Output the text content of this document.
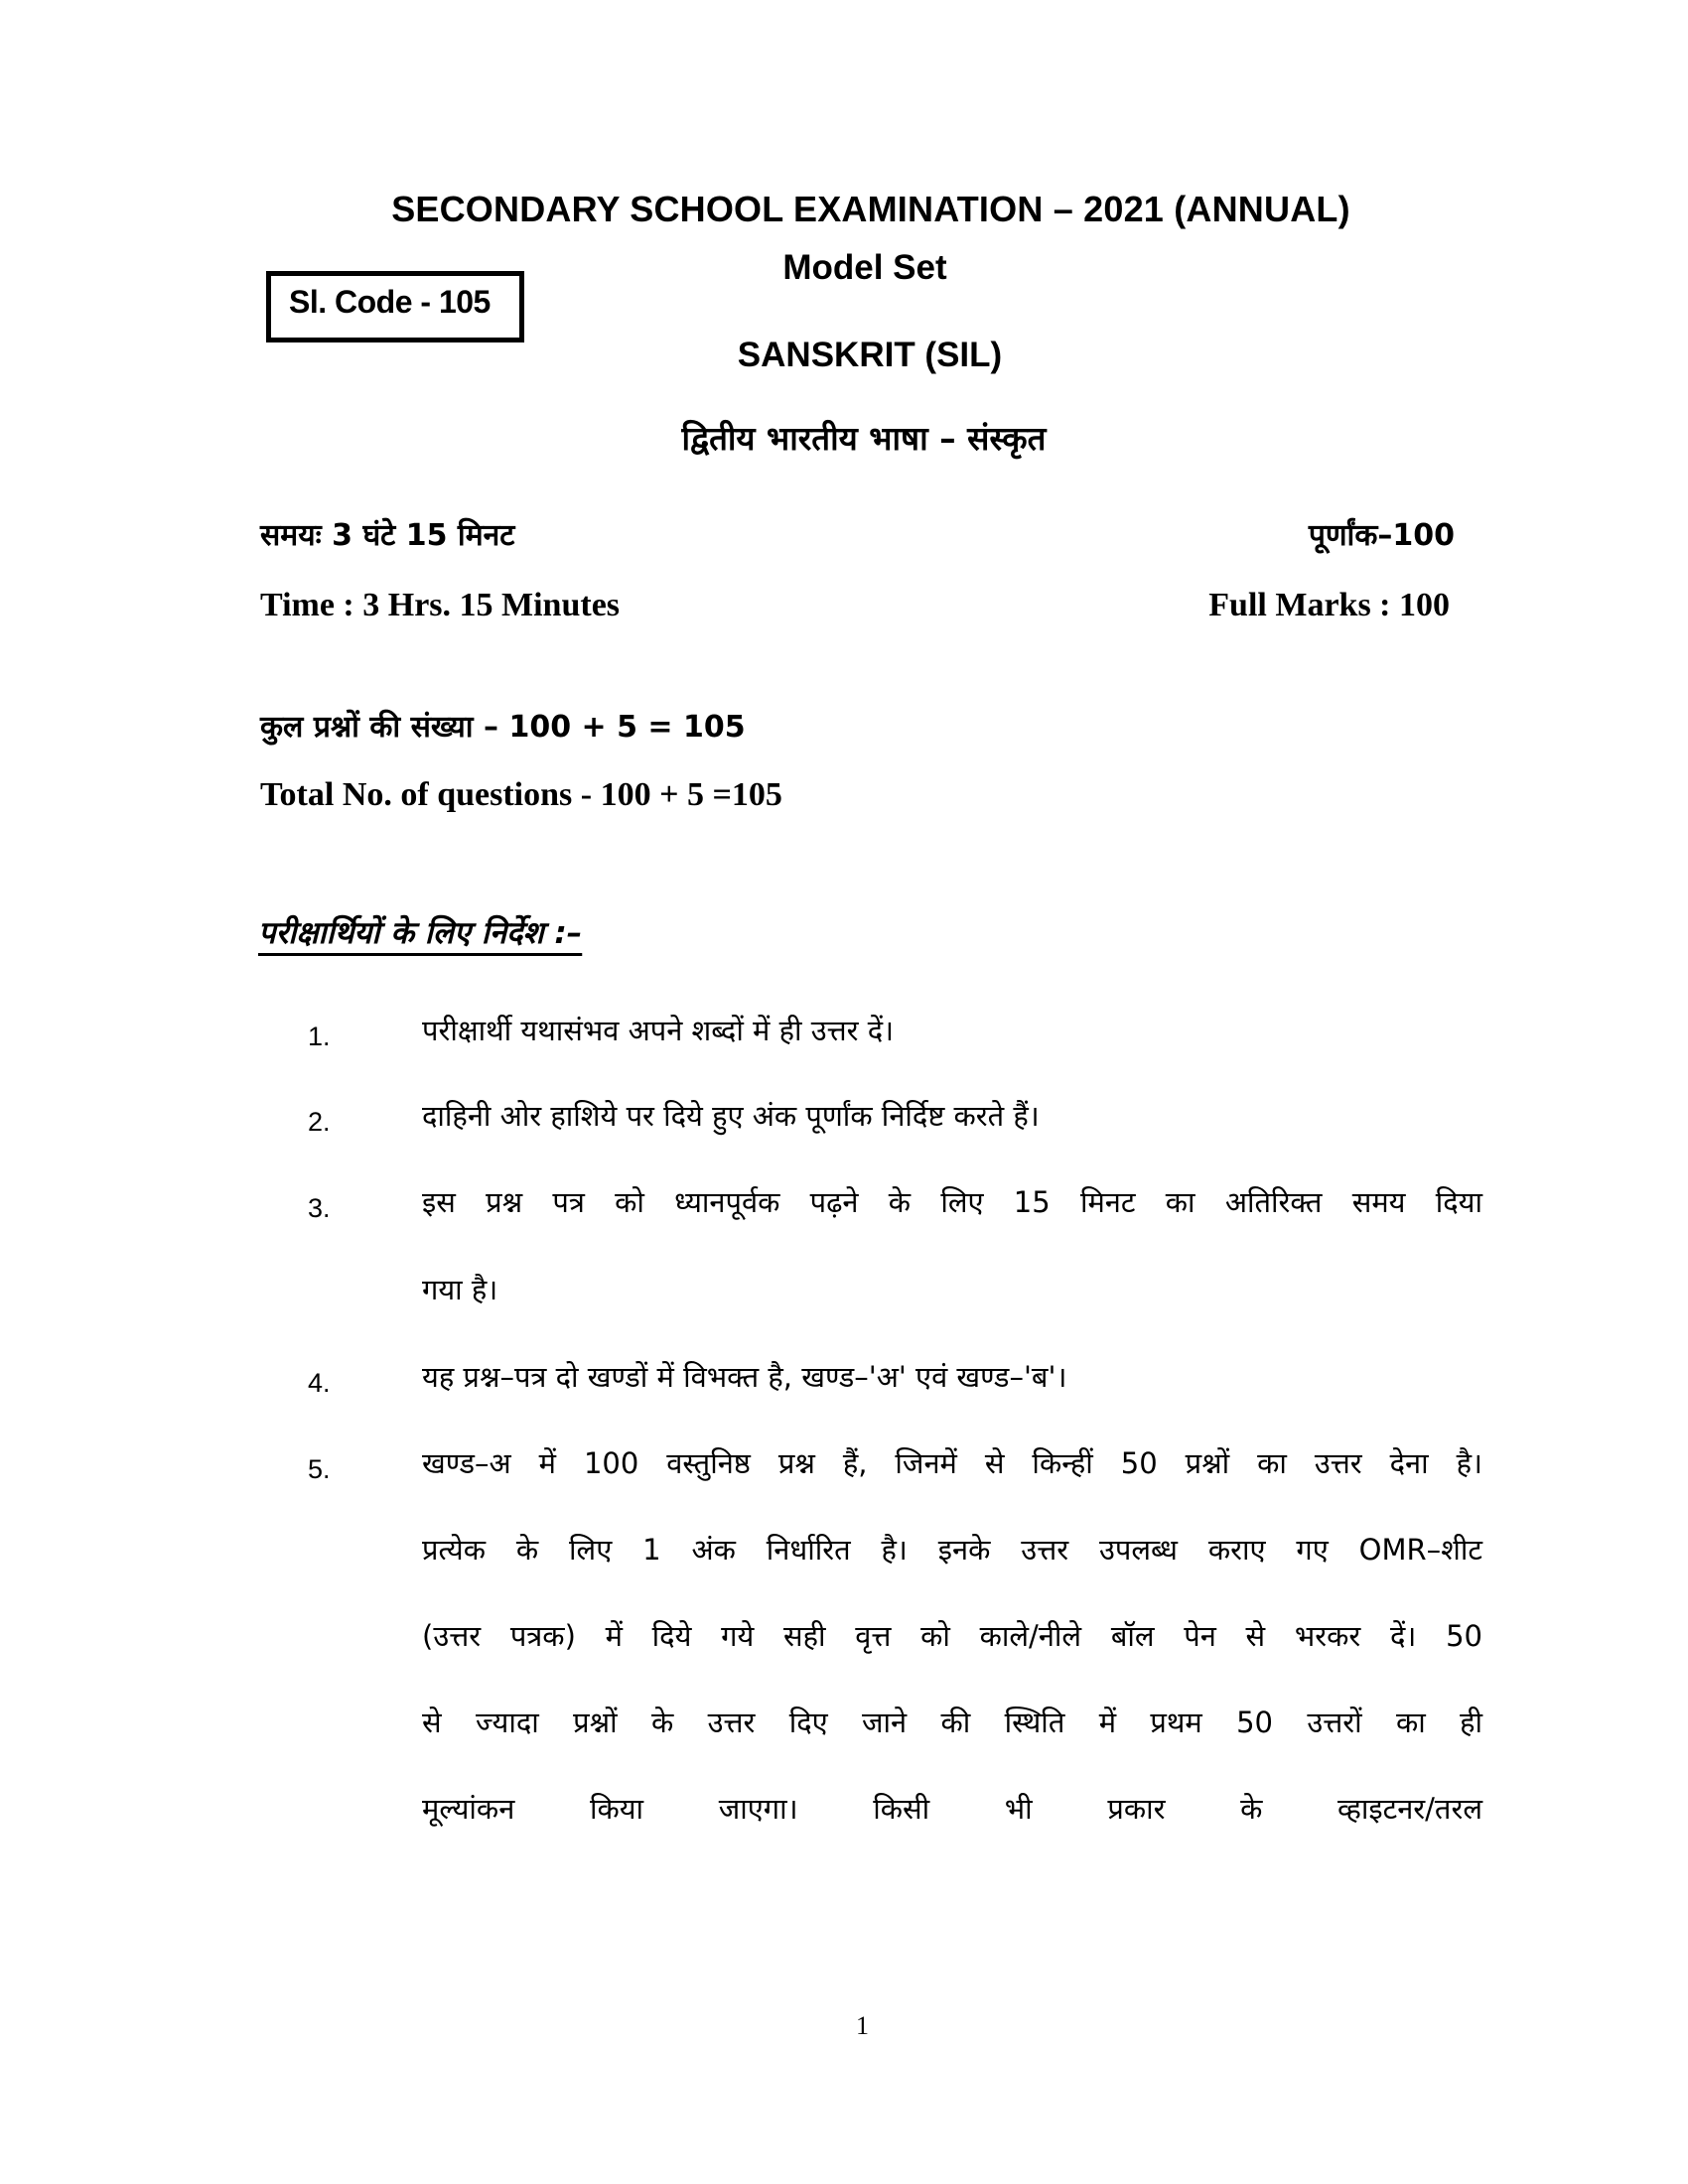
SECONDARY SCHOOL EXAMINATION – 2021 (ANNUAL)
Model Set
Sl. Code - 105
SANSKRIT (SIL)
द्वितीय भारतीय भाषा – संस्कृत
समयः 3 घंटे 15 मिनट	पूर्णांक–100
Time : 3 Hrs. 15 Minutes	Full Marks : 100
कुल प्रश्नों की संख्या – 100 + 5 = 105
Total No. of questions - 100 + 5 =105
परीक्षार्थियों के लिए निर्देश :–
1.	परीक्षार्थी यथासंभव अपने शब्दों में ही उत्तर दें।
2.	दाहिनी ओर हाशिये पर दिये हुए अंक पूर्णांक निर्दिष्ट करते हैं।
3.	इस प्रश्न पत्र को ध्यानपूर्वक पढ़ने के लिए 15 मिनट का अतिरिक्त समय दिया
गया है।
4.	यह प्रश्न–पत्र दो खण्डों में विभक्त है, खण्ड–'अ' एवं खण्ड–'ब'।
5.	खण्ड–अ में 100 वस्तुनिष्ठ प्रश्न हैं, जिनमें से किन्हीं 50 प्रश्नों का उत्तर देना है।
प्रत्येक के लिए 1 अंक निर्धारित है। इनके उत्तर उपलब्ध कराए गए OMR–शीट
(उत्तर पत्रक) में दिये गये सही वृत्त को काले/नीले बॉल पेन से भरकर दें। 50
से ज्यादा प्रश्नों के उत्तर दिए जाने की स्थिति में प्रथम 50 उत्तरों का ही
मूल्यांकन किया जाएगा। किसी भी प्रकार के व्हाइटनर/तरल
1
